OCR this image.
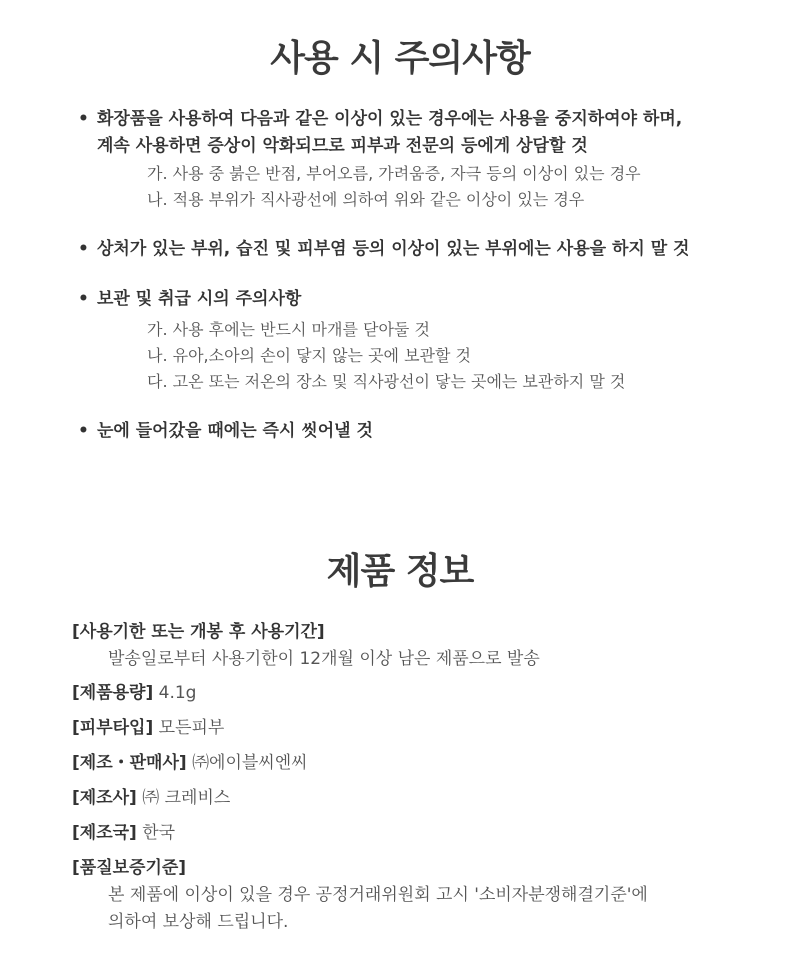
사용 시 주의사항
• 화장품을 사용하여 다음과 같은 이상이 있는 경우에는 사용을 중지하여야 하며,
계속 사용하면 증상이 악화되므로 피부과 전문의 등에게 상담할 것
가. 사용 중 붉은 반점, 부어오름, 가려움증, 자극 등의 이상이 있는 경우
나. 적용 부위가 직사광선에 의하여 위와 같은 이상이 있는 경우
• 상처가 있는 부위, 습진 및 피부염 등의 이상이 있는 부위에는 사용을 하지 말 것
• 보관 및 취급 시의 주의사항
가. 사용 후에는 반드시 마개를 닫아둘 것
나. 유아,소아의 손이 닿지 않는 곳에 보관할 것
다. 고온 또는 저온의 장소 및 직사광선이 닿는 곳에는 보관하지 말 것
• 눈에 들어갔을 때에는 즉시 씻어낼 것
제품 정보
[사용기한 또는 개봉 후 사용기간]
발송일로부터 사용기한이 12개월 이상 남은 제품으로 발송
[제품용량] 4.1g
[피부타입] 모든피부
[제조・판매사] ㈜에이블씨엔씨
[제조사] ㈜ 크레비스
[제조국] 한국
[품질보증기준]
본 제품에 이상이 있을 경우 공정거래위원회 고시 '소비자분쟁해결기준'에
의하여 보상해 드립니다.
